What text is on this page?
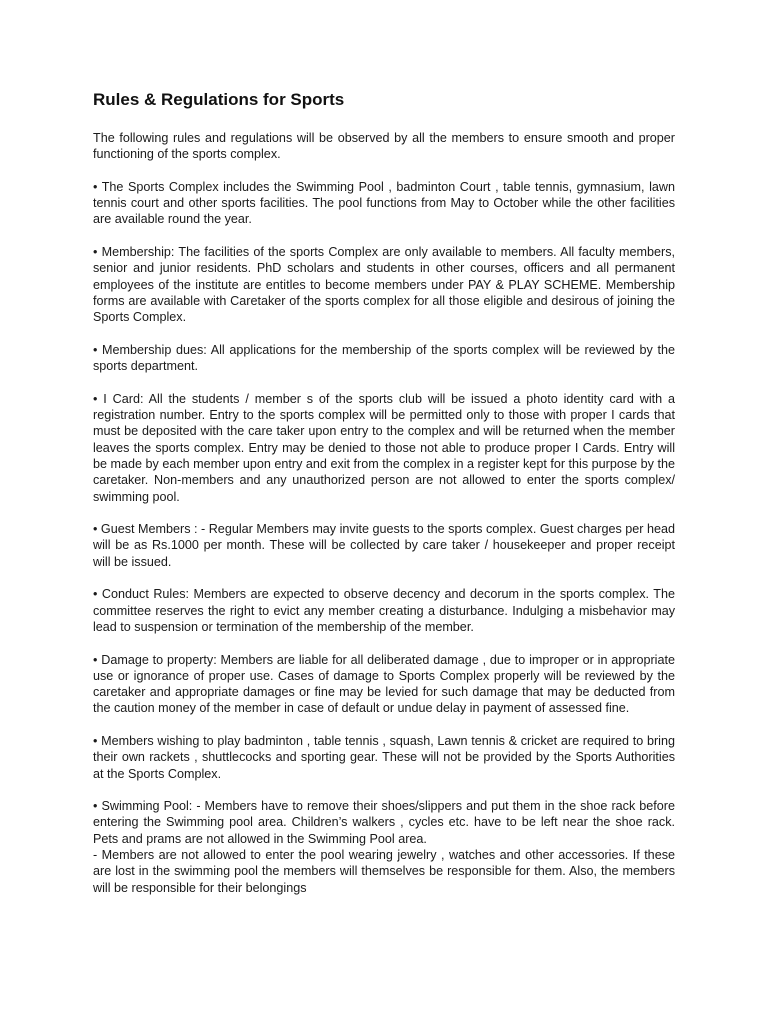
Rules & Regulations for Sports

The following rules and regulations will be observed by all the members to ensure smooth and proper functioning of the sports complex.

• The Sports Complex includes the Swimming Pool , badminton Court , table tennis, gymnasium, lawn tennis court and other sports facilities. The pool functions from May to October while the other facilities are available round the year.

• Membership: The facilities of the sports Complex are only available to members. All faculty members, senior and junior residents. PhD scholars and students in other courses, officers and all permanent employees of the institute are entitles to become members under PAY & PLAY SCHEME. Membership forms are available with Caretaker of the sports complex for all those eligible and desirous of joining the Sports Complex.

• Membership dues: All applications for the membership of the sports complex will be reviewed by the sports department.

• I Card: All the students / member s of the sports club will be issued a photo identity card with a registration number. Entry to the sports complex will be permitted only to those with proper I cards that must be deposited with the care taker upon entry to the complex and will be returned when the member leaves the sports complex. Entry may be denied to those not able to produce proper I Cards. Entry will be made by each member upon entry and exit from the complex in a register kept for this purpose by the caretaker. Non-members and any unauthorized person are not allowed to enter the sports complex/ swimming pool.

• Guest Members : - Regular Members may invite guests to the sports complex. Guest charges per head will be as Rs.1000 per month. These will be collected by care taker / housekeeper and proper receipt will be issued.

• Conduct Rules: Members are expected to observe decency and decorum in the sports complex. The committee reserves the right to evict any member creating a disturbance. Indulging a misbehavior may lead to suspension or termination of the membership of the member.

• Damage to property: Members are liable for all deliberated damage , due to improper or in appropriate use or ignorance of proper use. Cases of damage to Sports Complex properly will be reviewed by the caretaker and appropriate damages or fine may be levied for such damage that may be deducted from the caution money of the member in case of default or undue delay in payment of assessed fine.

• Members wishing to play badminton , table tennis , squash, Lawn tennis & cricket are required to bring their own rackets , shuttlecocks and sporting gear. These will not be provided by the Sports Authorities at the Sports Complex.

• Swimming Pool: - Members have to remove their shoes/slippers and put them in the shoe rack before entering the Swimming pool area. Children’s walkers , cycles etc. have to be left near the shoe rack. Pets and prams are not allowed in the Swimming Pool area.
- Members are not allowed to enter the pool wearing jewelry , watches and other accessories. If these are lost in the swimming pool the members will themselves be responsible for them. Also, the members will be responsible for their belongings
